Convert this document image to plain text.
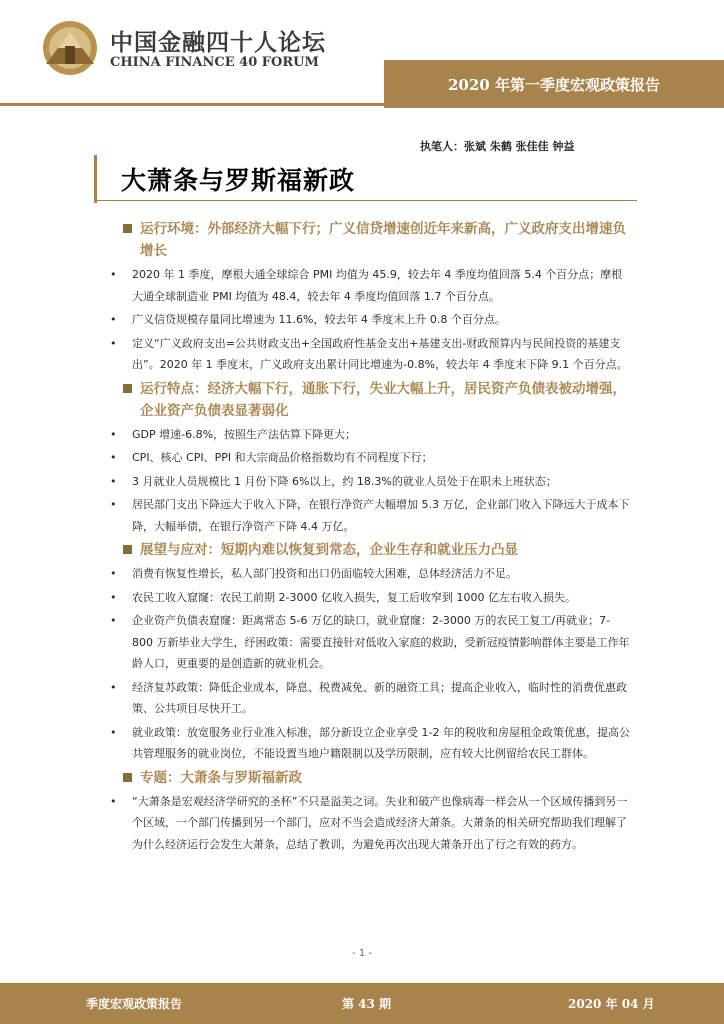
中国金融四十人论坛
CHINA FINANCE 40 FORUM
2020 年第一季度宏观政策报告
执笔人：张斌 朱鹤 张佳佳 钟益
大萧条与罗斯福新政
运行环境：外部经济大幅下行；广义信贷增速创近年来新高，广义政府支出增速负增长
• 2020 年 1 季度，摩根大通全球综合 PMI 均值为 45.9，较去年 4 季度均值回落 5.4 个百分点；摩根大通全球制造业 PMI 均值为 48.4，较去年 4 季度均值回落 1.7 个百分点。
• 广义信贷规模存量同比增速为 11.6%，较去年 4 季度末上升 0.8 个百分点。
• 定义“广义政府支出=公共财政支出+全国政府性基金支出+基建支出-财政预算内与民间投资的基建支出”。2020 年 1 季度末，广义政府支出累计同比增速为-0.8%，较去年 4 季度末下降 9.1 个百分点。
运行特点：经济大幅下行，通胀下行，失业大幅上升，居民资产负债表被动增强，企业资产负债表显著弱化
• GDP 增速-6.8%，按照生产法估算下降更大；
• CPI、核心 CPI、PPI 和大宗商品价格指数均有不同程度下行；
• 3 月就业人员规模比 1 月份下降 6%以上，约 18.3%的就业人员处于在职未上班状态；
• 居民部门支出下降远大于收入下降，在银行净资产大幅增加 5.3 万亿，企业部门收入下降远大于成本下降，大幅举债，在银行净资产下降 4.4 万亿。
展望与应对：短期内难以恢复到常态，企业生存和就业压力凸显
• 消费有恢复性增长，私人部门投资和出口仍面临较大困难，总体经济活力不足。
• 农民工收入窟窿：农民工前期 2-3000 亿收入损失，复工后收窄到 1000 亿左右收入损失。
• 企业资产负债表窟窿：距离常态 5-6 万亿的缺口，就业窟窿：2-3000 万的农民工复工/再就业；7-800 万新毕业大学生，纾困政策：需要直接针对低收入家庭的救助，受新冠疫情影响群体主要是工作年龄人口，更重要的是创造新的就业机会。
• 经济复苏政策：降低企业成本，降息、税费减免、新的融资工具；提高企业收入，临时性的消费优惠政策、公共项目尽快开工。
• 就业政策：放宽服务业行业准入标准，部分新设立企业享受 1-2 年的税收和房屋租金政策优惠，提高公共管理服务的就业岗位，不能设置当地户籍限制以及学历限制，应有较大比例留给农民工群体。
专题：大萧条与罗斯福新政
• “大萧条是宏观经济学研究的圣杯”不只是溢美之词。失业和破产也像病毒一样会从一个区域传播到另一个区域，一个部门传播到另一个部门，应对不当会造成经济大萧条。大萧条的相关研究帮助我们理解了为什么经济运行会发生大萧条，总结了教训，为避免再次出现大萧条开出了行之有效的药方。
- 1 -
季度宏观政策报告	第 43 期	2020 年 04 月
